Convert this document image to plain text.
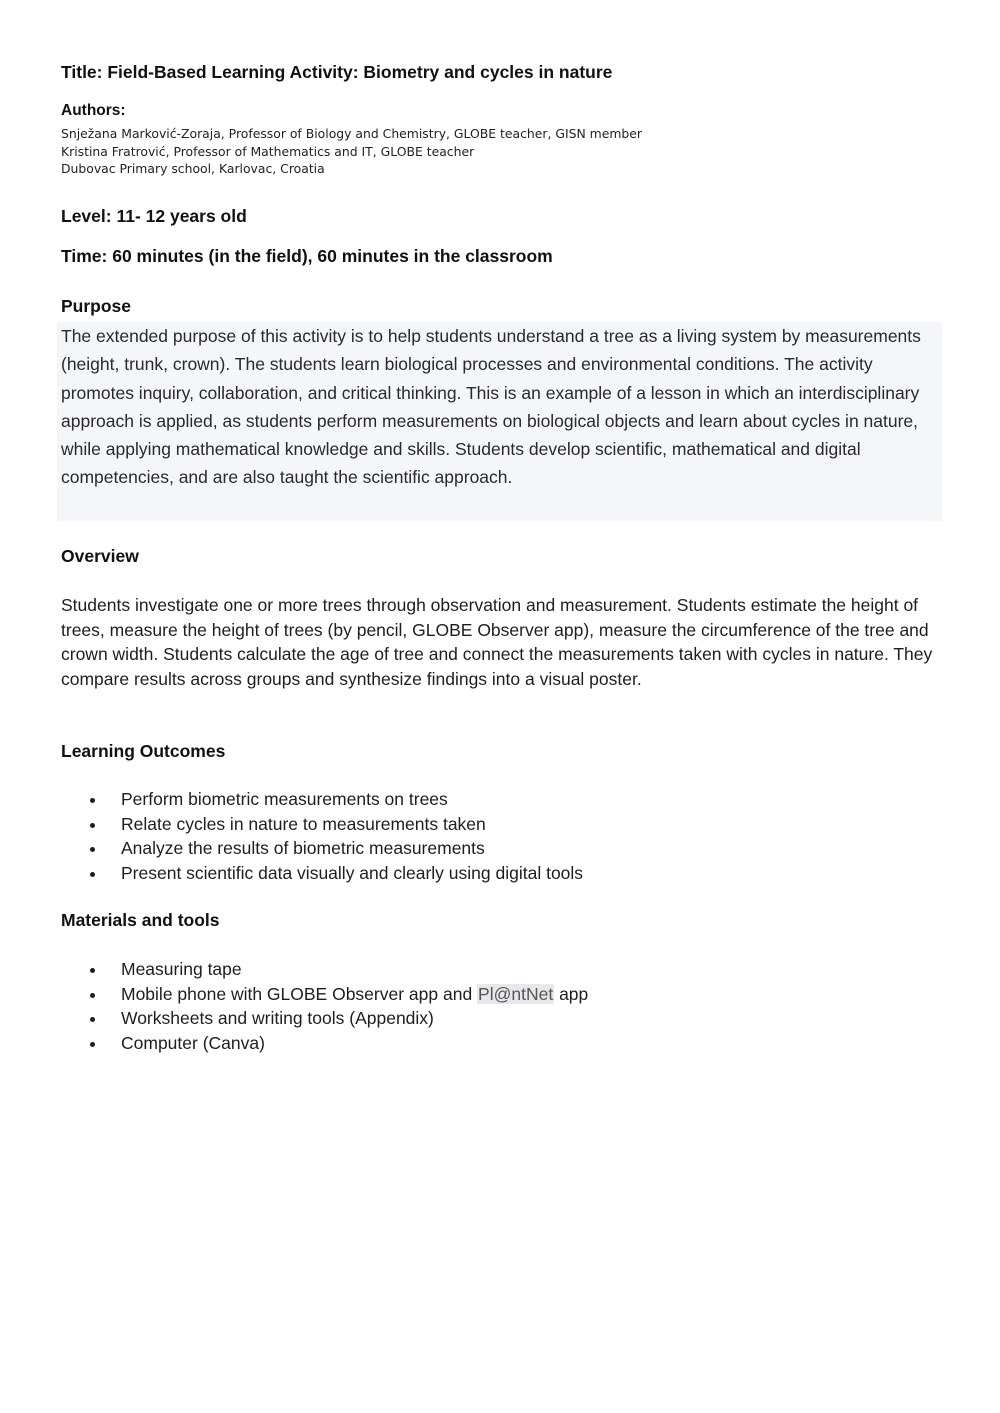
Title: Field-Based Learning Activity: Biometry and cycles in nature
Authors:
Snježana Marković-Zoraja, Professor of Biology and Chemistry, GLOBE teacher, GISN member
Kristina Fratrović, Professor of Mathematics and IT, GLOBE teacher
Dubovac Primary school, Karlovac, Croatia
Level: 11- 12 years old
Time: 60 minutes (in the field), 60 minutes in the classroom
Purpose
The extended purpose of this activity is to help students understand a tree as a living system by measurements (height, trunk, crown). The students learn biological processes and environmental conditions. The activity promotes inquiry, collaboration, and critical thinking. This is an example of a lesson in which an interdisciplinary approach is applied, as students perform measurements on biological objects and learn about cycles in nature, while applying mathematical knowledge and skills. Students develop scientific, mathematical and digital competencies, and are also taught the scientific approach.
Overview
Students investigate one or more trees through observation and measurement. Students estimate the height of trees, measure the height of trees (by pencil, GLOBE Observer app), measure the circumference of the tree and crown width. Students calculate the age of tree and connect the measurements taken with cycles in nature. They compare results across groups and synthesize findings into a visual poster.
Learning Outcomes
Perform biometric measurements on trees
Relate cycles in nature to measurements taken
Analyze the results of biometric measurements
Present scientific data visually and clearly using digital tools
Materials and tools
Measuring tape
Mobile phone with GLOBE Observer app and Pl@ntNet app
Worksheets and writing tools (Appendix)
Computer (Canva)
